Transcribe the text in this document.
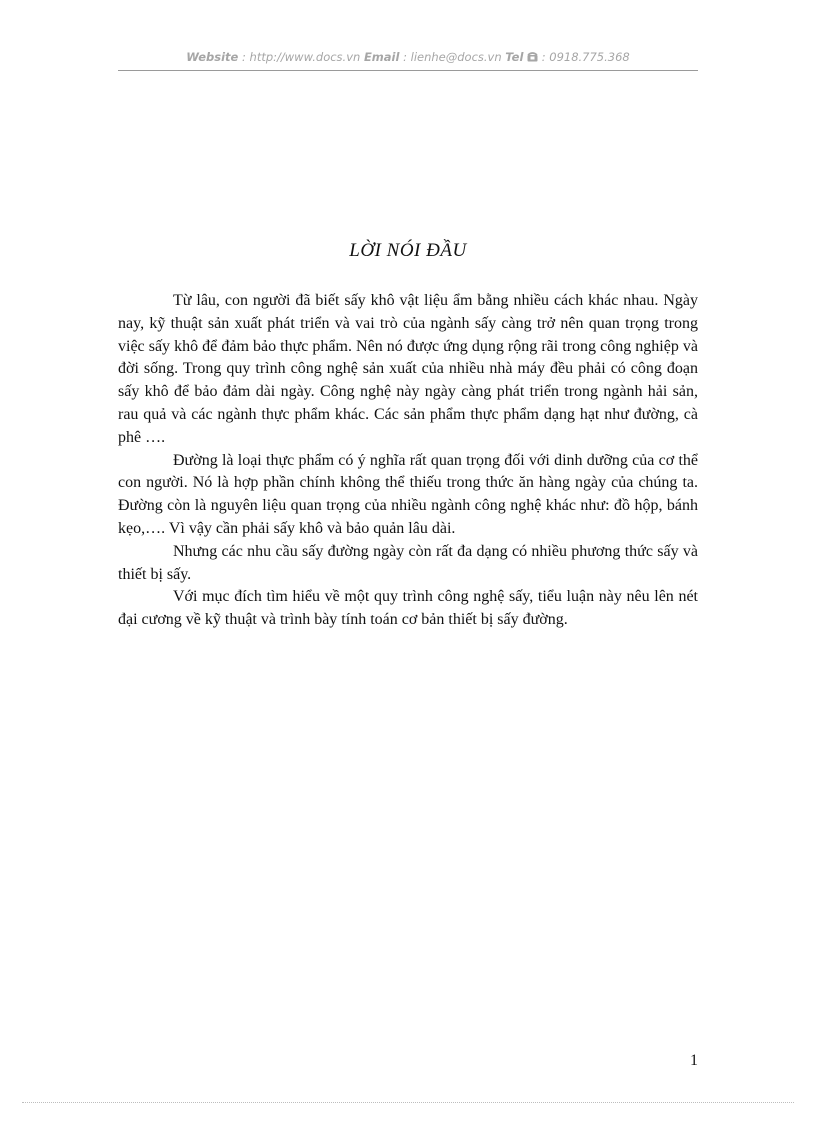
Website : http://www.docs.vn Email : lienhe@docs.vn Tel  : 0918.775.368
LỜI NÓI ĐẦU

Từ lâu, con người đã biết sấy khô vật liệu ẩm bằng nhiều cách khác nhau. Ngày nay, kỹ thuật sản xuất phát triển và vai trò của ngành sấy càng trở nên quan trọng trong việc sấy khô để đảm bảo thực phẩm. Nên nó được ứng dụng rộng rãi trong công nghiệp và đời sống. Trong quy trình công nghệ sản xuất của nhiều nhà máy đều phải có công đoạn sấy khô để bảo đảm dài ngày. Công nghệ này ngày càng phát triển trong ngành hải sản, rau quả và các ngành thực phẩm khác. Các sản phẩm thực phẩm dạng hạt như đường, cà phê ….

Đường là loại thực phẩm có ý nghĩa rất quan trọng đối với dinh dưỡng của cơ thể con người. Nó là hợp phần chính không thể thiếu trong thức ăn hàng ngày của chúng ta. Đường còn là nguyên liệu quan trọng của nhiều ngành công nghệ khác như: đồ hộp, bánh kẹo,…. Vì vậy cần phải sấy khô và bảo quản lâu dài.

Nhưng các nhu cầu sấy đường ngày còn rất đa dạng có nhiều phương thức sấy và thiết bị sấy.

Với mục đích tìm hiểu về một quy trình công nghệ sấy, tiểu luận này nêu lên nét đại cương về kỹ thuật và trình bày tính toán cơ bản thiết bị sấy đường.

1
